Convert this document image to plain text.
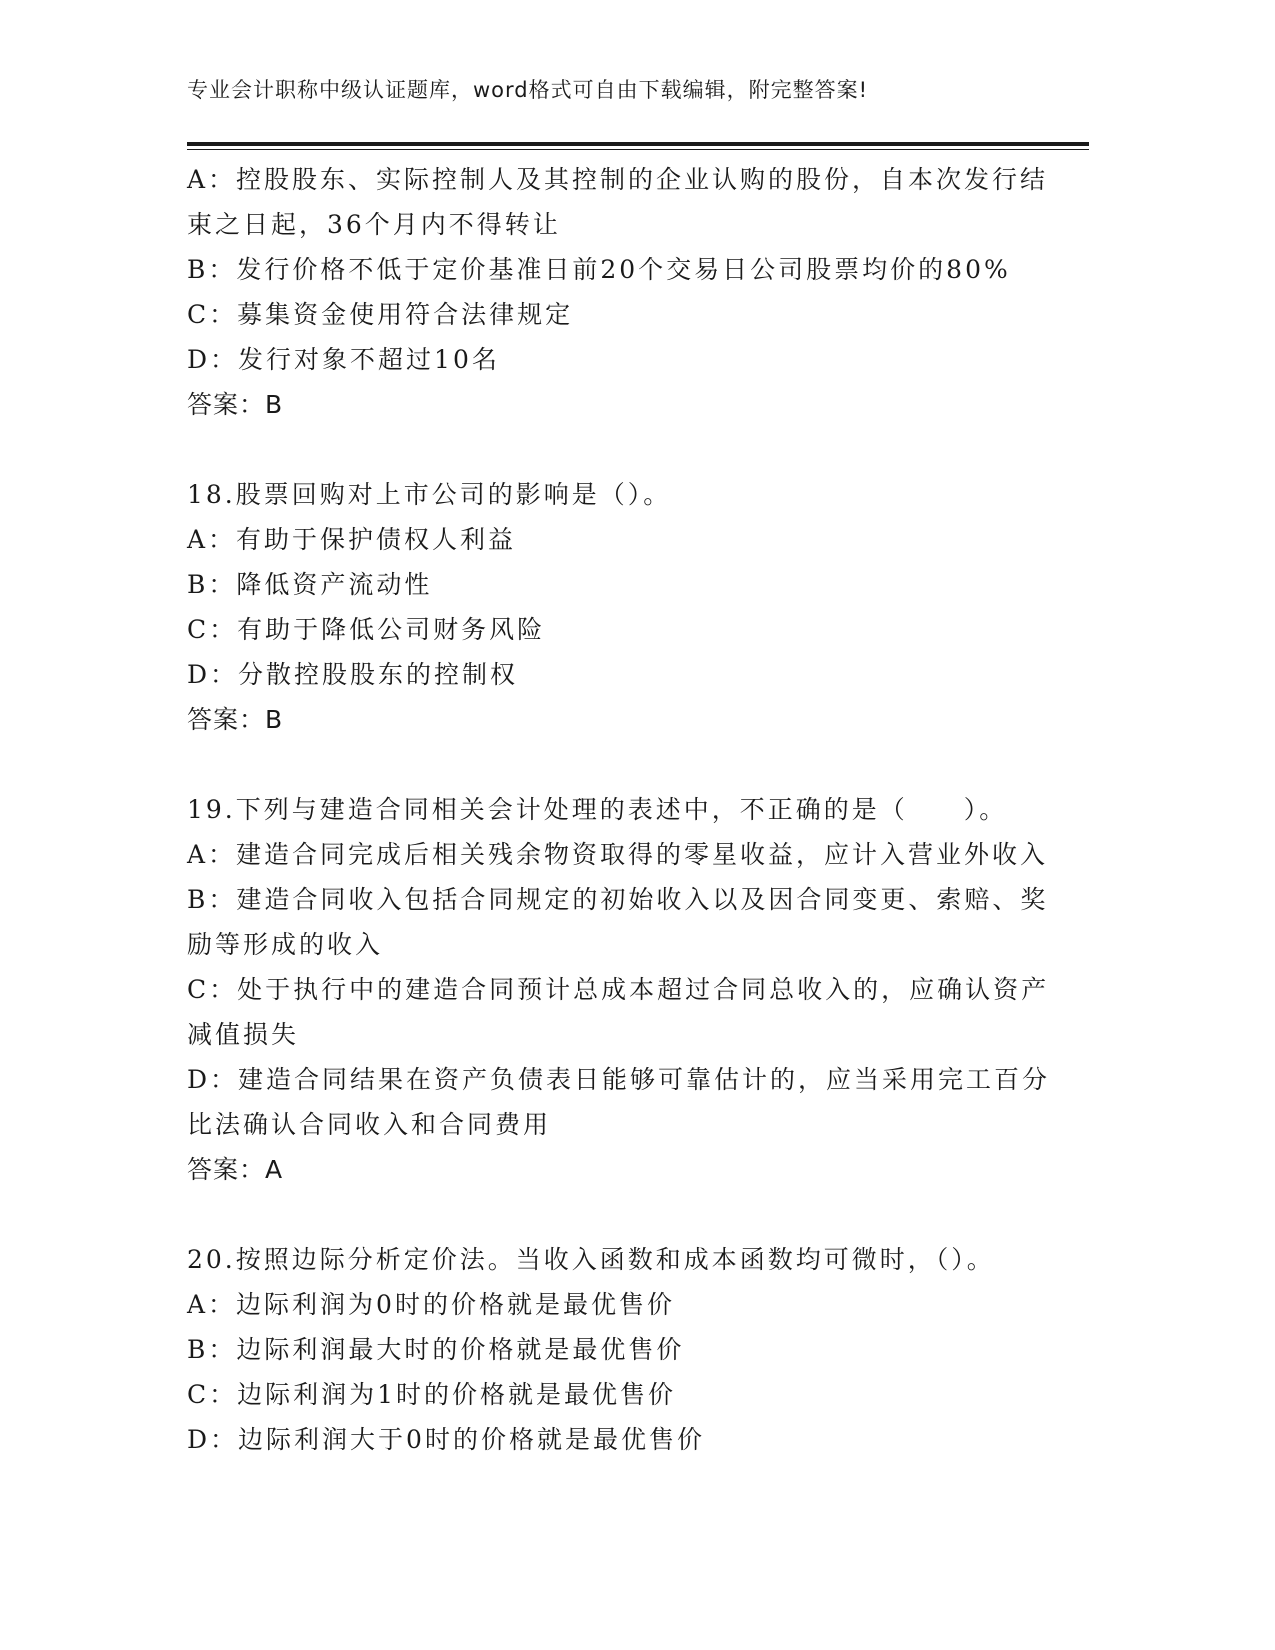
专业会计职称中级认证题库，word格式可自由下载编辑，附完整答案!
A：控股股东、实际控制人及其控制的企业认购的股份，自本次发行结
束之日起，36个月内不得转让
B：发行价格不低于定价基准日前20个交易日公司股票均价的80%
C：募集资金使用符合法律规定
D：发行对象不超过10名
答案：B
18.股票回购对上市公司的影响是（）。
A：有助于保护债权人利益
B：降低资产流动性
C：有助于降低公司财务风险
D：分散控股股东的控制权
答案：B
19.下列与建造合同相关会计处理的表述中，不正确的是（　　）。
A：建造合同完成后相关残余物资取得的零星收益，应计入营业外收入
B：建造合同收入包括合同规定的初始收入以及因合同变更、索赔、奖
励等形成的收入
C：处于执行中的建造合同预计总成本超过合同总收入的，应确认资产
减值损失
D：建造合同结果在资产负债表日能够可靠估计的，应当采用完工百分
比法确认合同收入和合同费用
答案：A
20.按照边际分析定价法。当收入函数和成本函数均可微时，（）。
A：边际利润为0时的价格就是最优售价
B：边际利润最大时的价格就是最优售价
C：边际利润为1时的价格就是最优售价
D：边际利润大于0时的价格就是最优售价
